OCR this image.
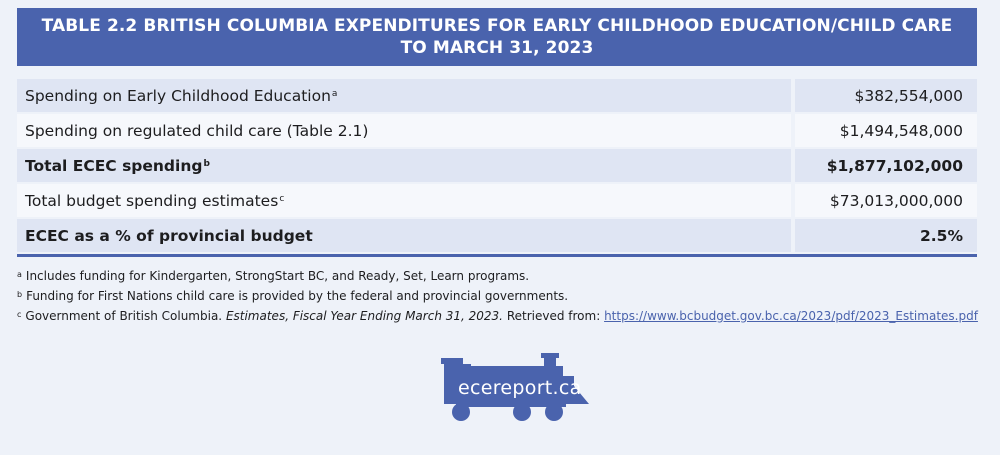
TABLE 2.2 BRITISH COLUMBIA EXPENDITURES FOR EARLY CHILDHOOD EDUCATION/CHILD CARE
TO MARCH 31, 2023
Spending on Early Childhood Education$^a$	$382,554,000
Spending on regulated child care (Table 2.1)	$1,494,548,000
Total ECEC spending$^b$	$1,877,102,000
Total budget spending estimates$^c$	$73,013,000,000
ECEC as a % of provincial budget	2.5%
$^a$ Includes funding for Kindergarten, StrongStart BC, and Ready, Set, Learn programs.
$^b$ Funding for First Nations child care is provided by the federal and provincial governments.
$^c$ Government of British Columbia. Estimates, Fiscal Year Ending March 31, 2023. Retrieved from: https://www.bcbudget.gov.bc.ca/2023/pdf/2023_Estimates.pdf
ecereport.ca
